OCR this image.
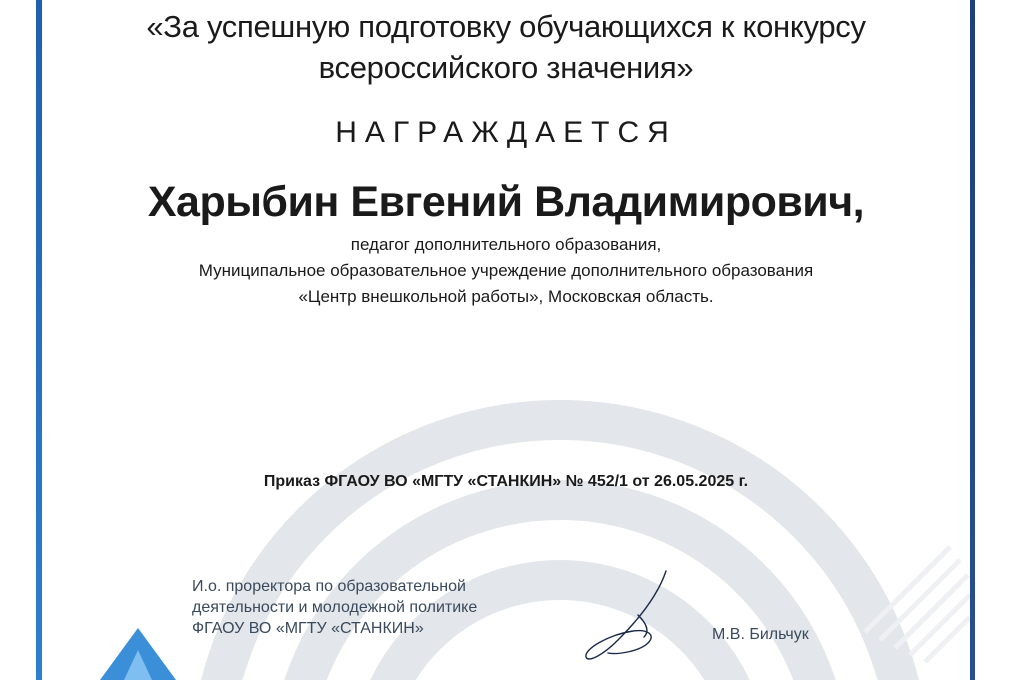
«За успешную подготовку обучающихся к конкурсу
всероссийского значения»
НАГРАЖДАЕТСЯ
Харыбин Евгений Владимирович,
педагог дополнительного образования,
Муниципальное образовательное учреждение дополнительного образования
«Центр внешкольной работы», Московская область.
Приказ ФГАОУ ВО «МГТУ «СТАНКИН» № 452/1 от 26.05.2025 г.
И.о. проректора по образовательной
деятельности и молодежной политике
ФГАОУ ВО «МГТУ «СТАНКИН»	М.В. Бильчук
